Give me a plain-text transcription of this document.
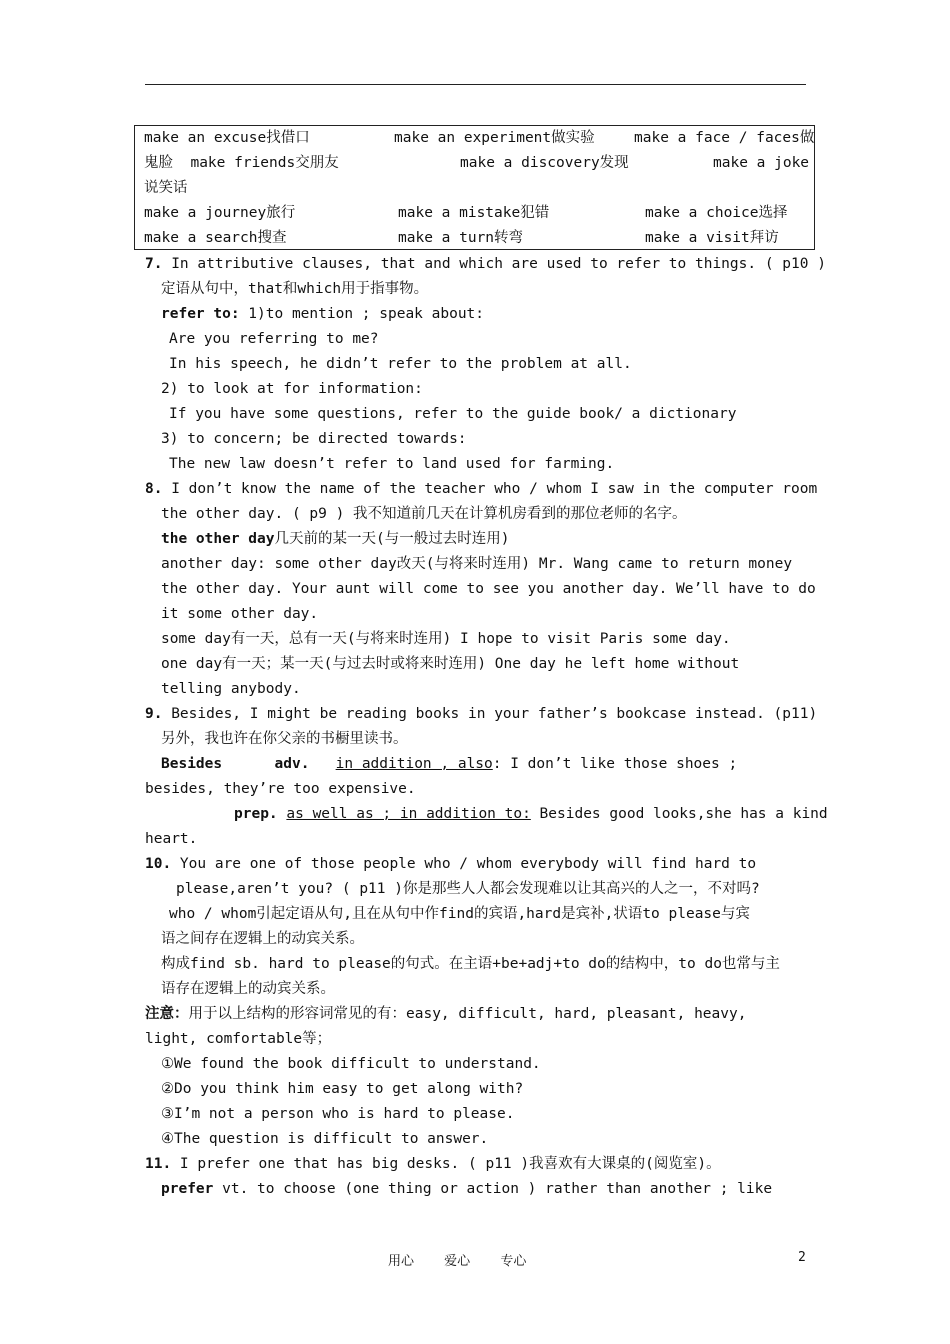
make an excuse找借口	make an experiment做实验	make a face / faces做
鬼脸  make friends交朋友	make a discovery发现	make a joke
说笑话
make a journey旅行	make a mistake犯错	make a choice选择
make a search搜查	make a turn转弯	make a visit拜访
7. In attributive clauses, that and which are used to refer to things. ( p10 )
定语从句中，that和which用于指事物。
refer to: 1)to mention ; speak about:
Are you referring to me?
In his speech, he didn’t refer to the problem at all.
2) to look at for information:
If you have some questions, refer to the guide book/ a dictionary
3) to concern; be directed towards:
The new law doesn’t refer to land used for farming.
8. I don’t know the name of the teacher who / whom I saw in the computer room
the other day. ( p9 ) 我不知道前几天在计算机房看到的那位老师的名字。
the other day几天前的某一天(与一般过去时连用)
another day: some other day改天(与将来时连用) Mr. Wang came to return money
the other day. Your aunt will come to see you another day. We’ll have to do
it some other day.
some day有一天，总有一天(与将来时连用) I hope to visit Paris some day.
one day有一天；某一天(与过去时或将来时连用) One day he left home without
telling anybody.
9. Besides, I might be reading books in your father’s bookcase instead. (p11)
另外，我也许在你父亲的书橱里读书。
Besides	adv. in addition , also: I don’t like those shoes ;
besides, they’re too expensive.
prep. as well as ; in addition to: Besides good looks,she has a kind
heart.
10. You are one of those people who / whom everybody will find hard to
please,aren’t you? ( p11 )你是那些人人都会发现难以让其高兴的人之一，不对吗?
who / whom引起定语从句,且在从句中作find的宾语,hard是宾补,状语to please与宾
语之间存在逻辑上的动宾关系。
构成find sb. hard to please的句式。在主语+be+adj+to do的结构中，to do也常与主
语存在逻辑上的动宾关系。
注意：用于以上结构的形容词常见的有：easy, difficult, hard, pleasant, heavy,
light, comfortable等；
①We found the book difficult to understand.
②Do you think him easy to get along with?
③I’m not a person who is hard to please.
④The question is difficult to answer.
11. I prefer one that has big desks. ( p11 )我喜欢有大课桌的(阅览室)。
prefer vt. to choose (one thing or action ) rather than another ; like
用心 爱心 专心	2
